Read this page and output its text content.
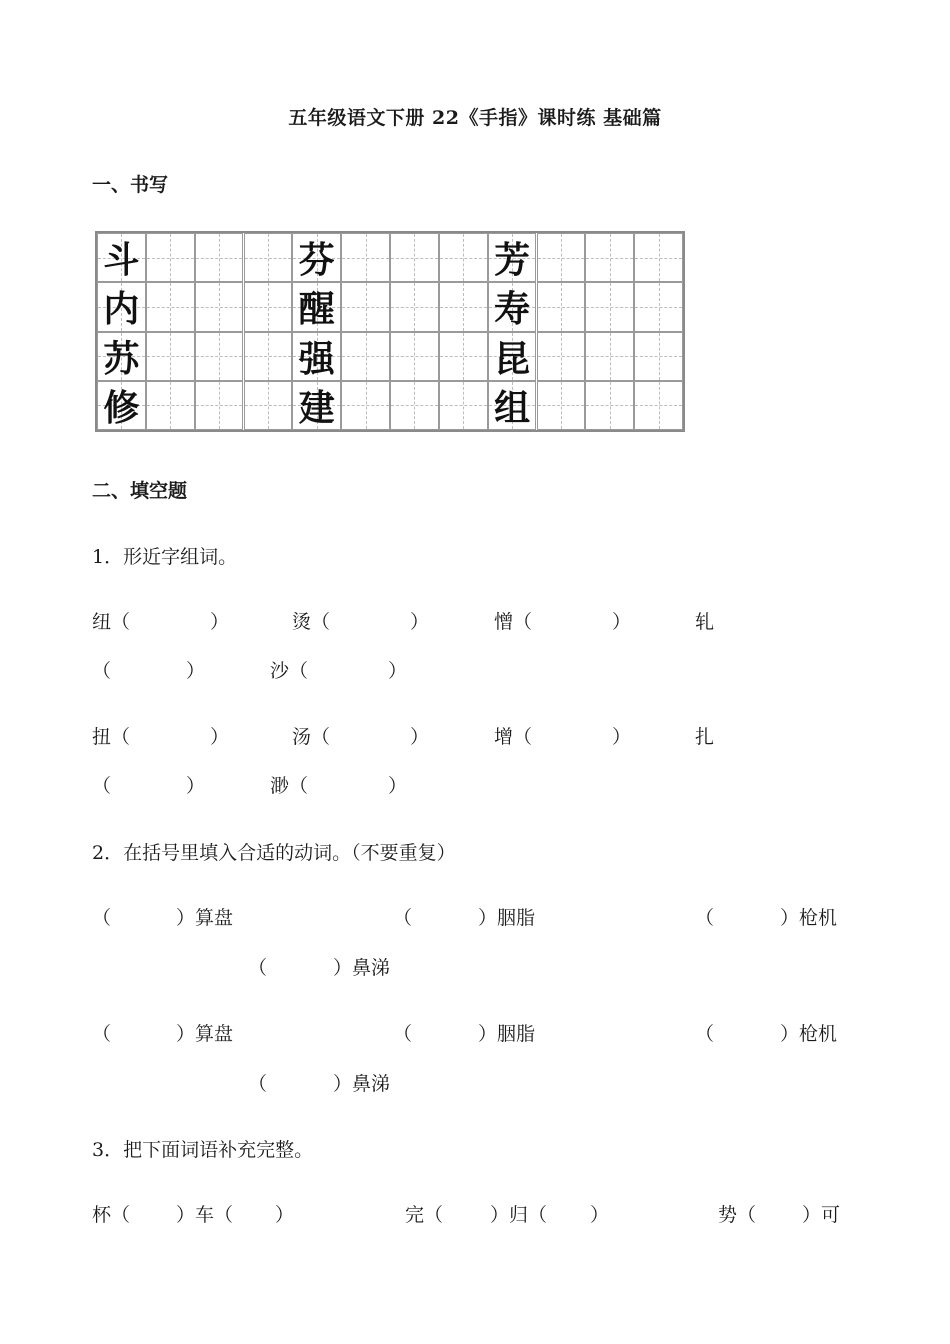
五年级语文下册 22《手指》课时练 基础篇
一、书写
斗	芬	芳
内	醒	寿
苏	强	昆
修	建	组
二、填空题
1．形近字组词。
纽（	）	烫（	）	憎（	）	轧
（	）	沙（	）
扭（	）	汤（	）	增（	）	扎
（	）	渺（	）
2．在括号里填入合适的动词。（不要重复）
（	）算盘	（	）胭脂	（	）枪机
（	）鼻涕
（	）算盘	（	）胭脂	（	）枪机
（	）鼻涕
3．把下面词语补充完整。
杯（ ）车（ ）	完（ ）归（ ）	势（ ）可
